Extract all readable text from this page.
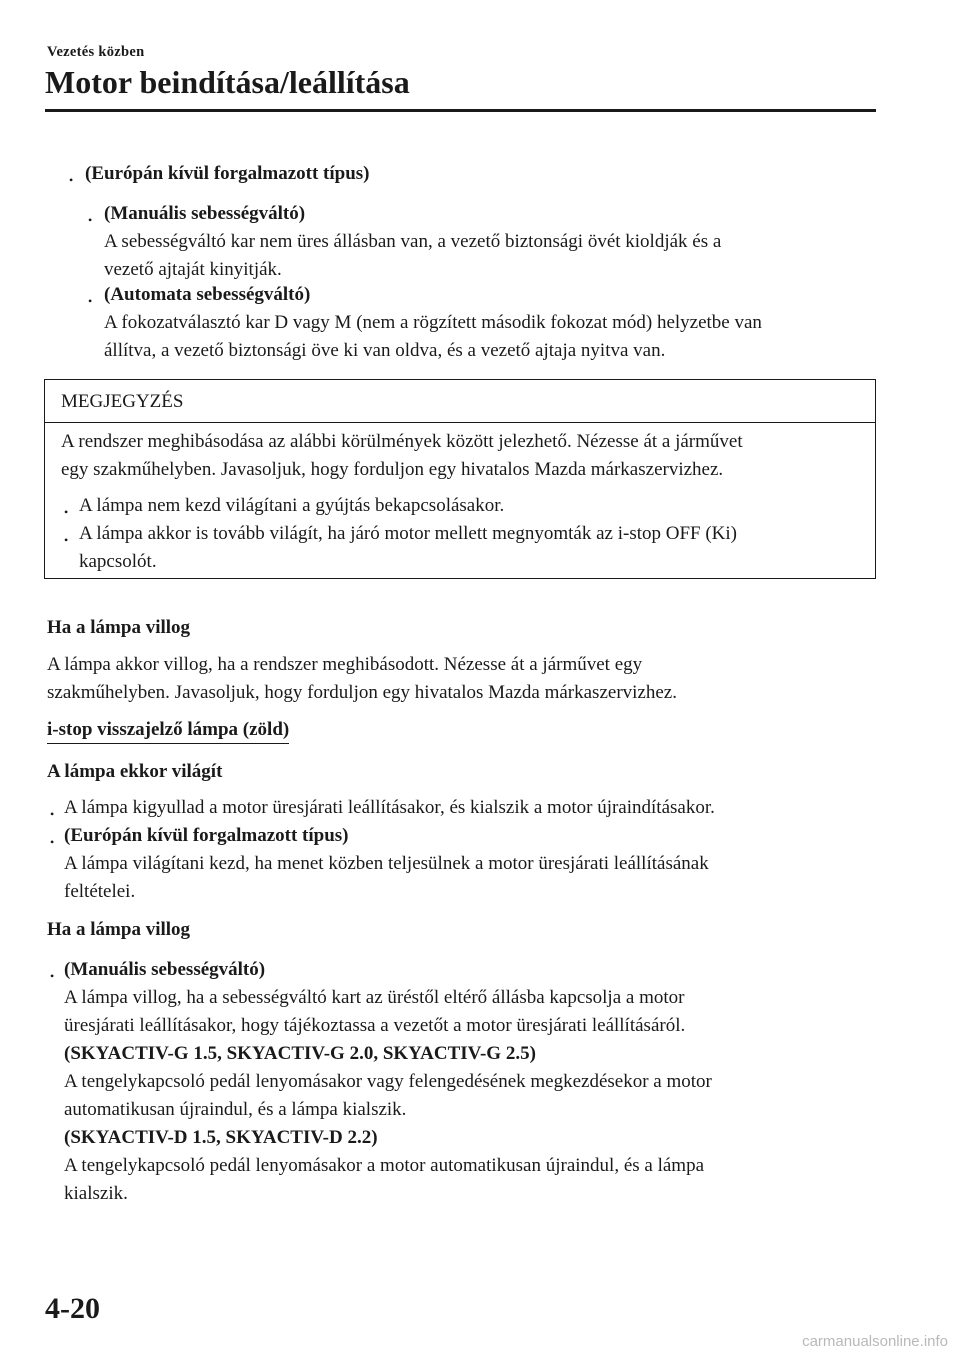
Vezetés közben
Motor beindítása/leállítása
• (Európán kívül forgalmazott típus)
• (Manuális sebességváltó)
A sebességváltó kar nem üres állásban van, a vezető biztonsági övét kioldják és a
vezető ajtaját kinyitják.
• (Automata sebességváltó)
A fokozatválasztó kar D vagy M (nem a rögzített második fokozat mód) helyzetbe van
állítva, a vezető biztonsági öve ki van oldva, és a vezető ajtaja nyitva van.
MEGJEGYZÉS
A rendszer meghibásodása az alábbi körülmények között jelezhető. Nézesse át a járművet
egy szakműhelyben. Javasoljuk, hogy forduljon egy hivatalos Mazda márkaszervizhez.
• A lámpa nem kezd világítani a gyújtás bekapcsolásakor.
• A lámpa akkor is tovább világít, ha járó motor mellett megnyomták az i-stop OFF (Ki)
kapcsolót.
Ha a lámpa villog
A lámpa akkor villog, ha a rendszer meghibásodott. Nézesse át a járművet egy
szakműhelyben. Javasoljuk, hogy forduljon egy hivatalos Mazda márkaszervizhez.
i-stop visszajelző lámpa (zöld)
A lámpa ekkor világít
• A lámpa kigyullad a motor üresjárati leállításakor, és kialszik a motor újraindításakor.
• (Európán kívül forgalmazott típus)
A lámpa világítani kezd, ha menet közben teljesülnek a motor üresjárati leállításának
feltételei.
Ha a lámpa villog
• (Manuális sebességváltó)
A lámpa villog, ha a sebességváltó kart az üréstől eltérő állásba kapcsolja a motor
üresjárati leállításakor, hogy tájékoztassa a vezetőt a motor üresjárati leállításáról.
(SKYACTIV-G 1.5, SKYACTIV-G 2.0, SKYACTIV-G 2.5)
A tengelykapcsoló pedál lenyomásakor vagy felengedésének megkezdésekor a motor
automatikusan újraindul, és a lámpa kialszik.
(SKYACTIV-D 1.5, SKYACTIV-D 2.2)
A tengelykapcsoló pedál lenyomásakor a motor automatikusan újraindul, és a lámpa
kialszik.
4-20
carmanualsonline.info
